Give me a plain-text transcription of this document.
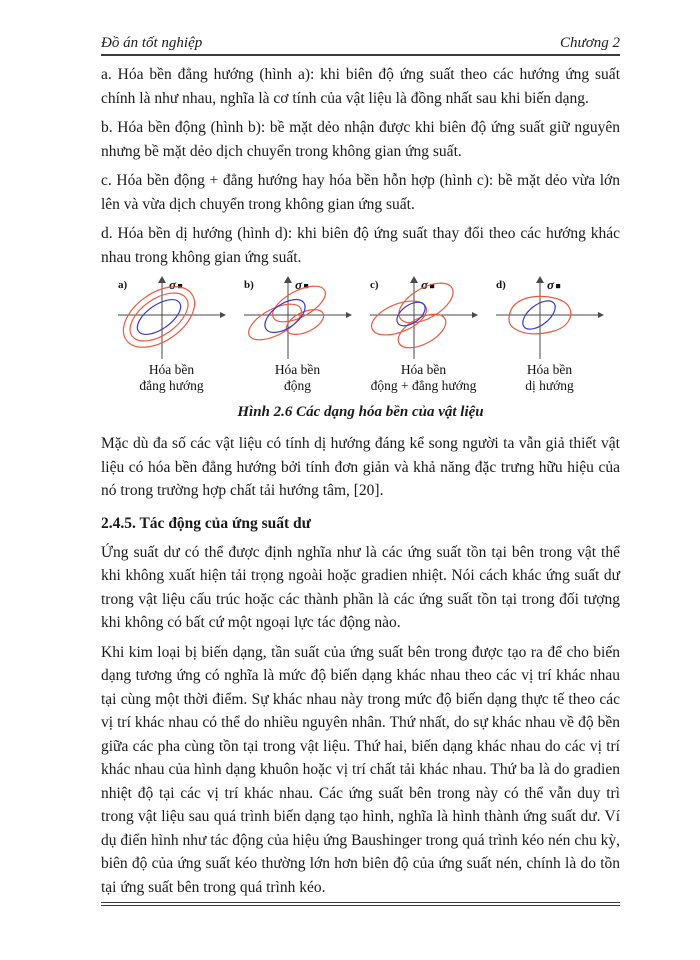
Đồ án tốt nghiệp	Chương 2

a. Hóa bền đẳng hướng (hình a): khi biên độ ứng suất theo các hướng ứng suất chính là như nhau, nghĩa là cơ tính của vật liệu là đồng nhất sau khi biến dạng.

b. Hóa bền động (hình b): bề mặt dẻo nhận được khi biên độ ứng suất giữ nguyên nhưng bề mặt dẻo dịch chuyển trong không gian ứng suất.

c. Hóa bền động + đẳng hướng hay hóa bền hỗn hợp (hình c): bề mặt dẻo vừa lớn lên và vừa dịch chuyển trong không gian ứng suất.

d. Hóa bền dị hướng (hình d): khi biên độ ứng suất thay đổi theo các hướng khác nhau trong không gian ứng suất.

a)	σ
Hóa bền
đẳng hướng
b)	σ
Hóa bền
động
c)	σ
Hóa bền
động + đẳng hướng
d)	σ
Hóa bền
dị hướng
Hình 2.6 Các dạng hóa bền của vật liệu

Mặc dù đa số các vật liệu có tính dị hướng đáng kể song người ta vẫn giả thiết vật liệu có hóa bền đẳng hướng bởi tính đơn giản và khả năng đặc trưng hữu hiệu của nó trong trường hợp chất tải hướng tâm, [20].

2.4.5. Tác động của ứng suất dư

Ứng suất dư có thể được định nghĩa như là các ứng suất tồn tại bên trong vật thể khi không xuất hiện tải trọng ngoài hoặc gradien nhiệt. Nói cách khác ứng suất dư trong vật liệu cấu trúc hoặc các thành phần là các ứng suất tồn tại trong đối tượng khi không có bất cứ một ngoại lực tác động nào.

Khi kim loại bị biến dạng, tần suất của ứng suất bên trong được tạo ra để cho biến dạng tương ứng có nghĩa là mức độ biến dạng khác nhau theo các vị trí khác nhau tại cùng một thời điểm. Sự khác nhau này trong mức độ biến dạng thực tế theo các vị trí khác nhau có thể do nhiều nguyên nhân. Thứ nhất, do sự khác nhau về độ bền giữa các pha cùng tồn tại trong vật liệu. Thứ hai, biến dạng khác nhau do các vị trí khác nhau của hình dạng khuôn hoặc vị trí chất tải khác nhau. Thứ ba là do gradien nhiệt độ tại các vị trí khác nhau. Các ứng suất bên trong này có thể vẫn duy trì trong vật liệu sau quá trình biến dạng tạo hình, nghĩa là hình thành ứng suất dư. Ví dụ điển hình như tác động của hiệu ứng Baushinger trong quá trình kéo nén chu kỳ, biên độ của ứng suất kéo thường lớn hơn biên độ của ứng suất nén, chính là do tồn tại ứng suất bên trong quá trình kéo.
